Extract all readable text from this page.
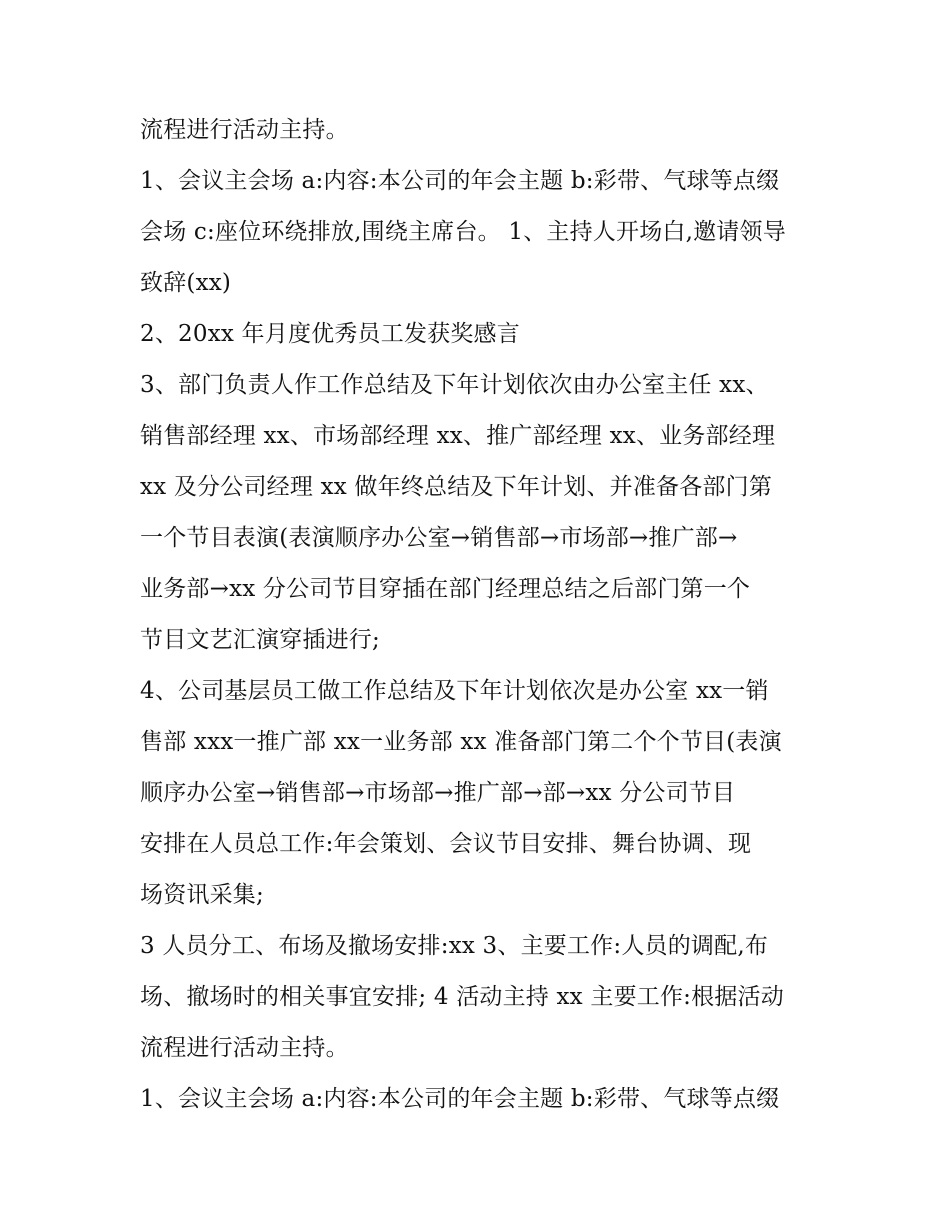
流程进行活动主持。
1、会议主会场 a:内容:本公司的年会主题 b:彩带、气球等点缀
会场 c:座位环绕排放,围绕主席台。 1、主持人开场白,邀请领导
致辞(xx)
2、20xx 年月度优秀员工发获奖感言
3、部门负责人作工作总结及下年计划依次由办公室主任 xx、
销售部经理 xx、市场部经理 xx、推广部经理 xx、业务部经理
xx 及分公司经理 xx 做年终总结及下年计划、并准备各部门第
一个节目表演(表演顺序办公室→销售部→市场部→推广部→
业务部→xx 分公司节目穿插在部门经理总结之后部门第一个
节目文艺汇演穿插进行;
4、公司基层员工做工作总结及下年计划依次是办公室 xx一销
售部 xxx一推广部 xx一业务部 xx 准备部门第二个个节目(表演
顺序办公室→销售部→市场部→推广部→部→xx 分公司节目
安排在人员总工作:年会策划、会议节目安排、舞台协调、现
场资讯采集;
3 人员分工、布场及撤场安排:xx 3、主要工作:人员的调配,布
场、撤场时的相关事宜安排; 4 活动主持 xx 主要工作:根据活动
流程进行活动主持。
1、会议主会场 a:内容:本公司的年会主题 b:彩带、气球等点缀
